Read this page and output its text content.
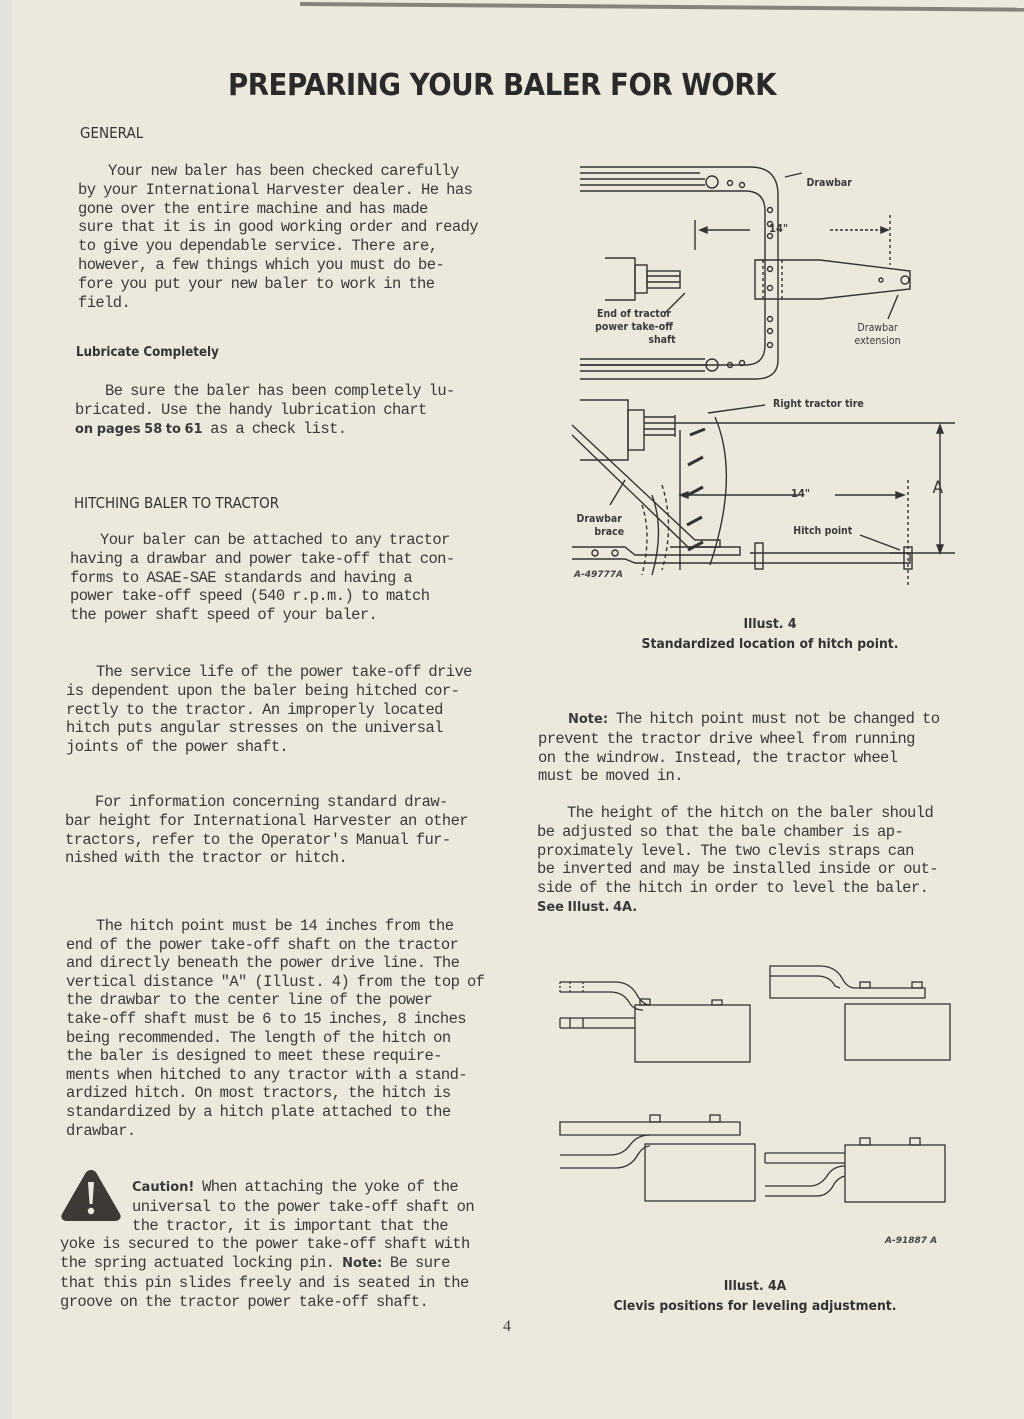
PREPARING YOUR BALER FOR WORK
GENERAL
Your new baler has been checked carefully
by your International Harvester dealer. He has
gone over the entire machine and has made
sure that it is in good working order and ready
to give you dependable service. There are,
however, a few things which you must do be-
fore you put your new baler to work in the
field.
Lubricate Completely
Be sure the baler has been completely lu-
bricated. Use the handy lubrication chart
on pages 58 to 61 as a check list.
HITCHING BALER TO TRACTOR
Your baler can be attached to any tractor
having a drawbar and power take-off that con-
forms to ASAE-SAE standards and having a
power take-off speed (540 r.p.m.) to match
the power shaft speed of your baler.
The service life of the power take-off drive
is dependent upon the baler being hitched cor-
rectly to the tractor. An improperly located
hitch puts angular stresses on the universal
joints of the power shaft.
For information concerning standard draw-
bar height for International Harvester an other
tractors, refer to the Operator's Manual fur-
nished with the tractor or hitch.
The hitch point must be 14 inches from the
end of the power take-off shaft on the tractor
and directly beneath the power drive line. The
vertical distance "A" (Illust. 4) from the top of
the drawbar to the center line of the power
take-off shaft must be 6 to 15 inches, 8 inches
being recommended. The length of the hitch on
the baler is designed to meet these require-
ments when hitched to any tractor with a stand-
ardized hitch. On most tractors, the hitch is
standardized by a hitch plate attached to the
drawbar.
Caution! When attaching the yoke of the
universal to the power take-off shaft on
the tractor, it is important that the
yoke is secured to the power take-off shaft with
the spring actuated locking pin. Note: Be sure
that this pin slides freely and is seated in the
groove on the tractor power take-off shaft.
4
Drawbar
14"
End of tractor
power take-off
shaft
Drawbar
extension
Right tractor tire
14"	A
Drawbar
brace	Hitch point
A-49777A
Illust. 4
Standardized location of hitch point.
Note: The hitch point must not be changed to
prevent the tractor drive wheel from running
on the windrow. Instead, the tractor wheel
must be moved in.
The height of the hitch on the baler should
be adjusted so that the bale chamber is ap-
proximately level. The two clevis straps can
be inverted and may be installed inside or out-
side of the hitch in order to level the baler.
See Illust. 4A.
A-91887 A
Illust. 4A
Clevis positions for leveling adjustment.
